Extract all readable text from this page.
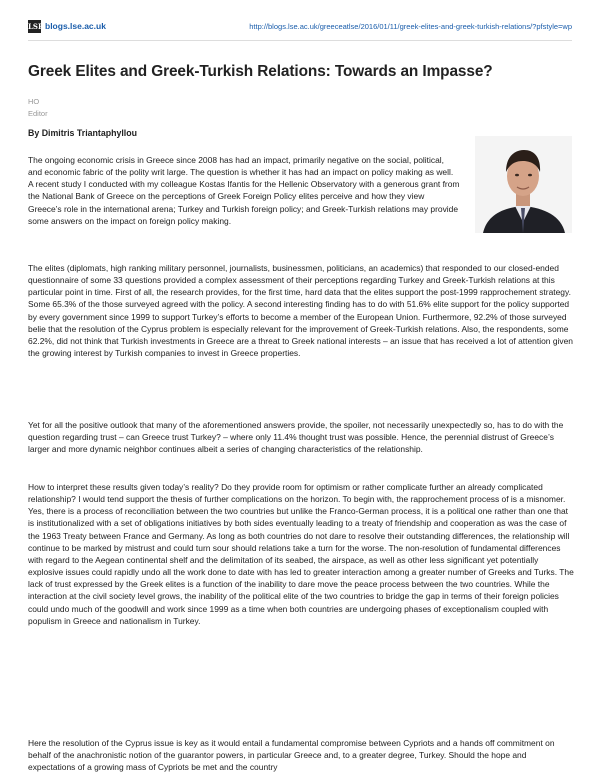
LSE blogs.lse.ac.uk	http://blogs.lse.ac.uk/greeceatlse/2016/01/11/greek-elites-and-greek-turkish-relations/?pfstyle=wp
Greek Elites and Greek-Turkish Relations: Towards an Impasse?
HO
Editor
By Dimitris Triantaphyllou

The ongoing economic crisis in Greece since 2008 has had an impact, primarily negative on the social, political, and economic fabric of the polity writ large. The question is whether it has had an impact on policy making as well. A recent study I conducted with my colleague Kostas Ifantis for the Hellenic Observatory with a generous grant from the National Bank of Greece on the perceptions of Greek Foreign Policy elites perceive and how they view Greece’s role in the international arena; Turkey and Turkish foreign policy; and Greek-Turkish relations may provide some answers on the impact on foreign policy making.

The elites (diplomats, high ranking military personnel, journalists, businessmen, politicians, an academics) that responded to our closed-ended questionnaire of some 33 questions provided a complex assessment of their perceptions regarding Turkey and Greek-Turkish relations at this particular point in time. First of all, the research provides, for the first time, hard data that the elites support the post-1999 rapprochement strategy. Some 65.3% of the those surveyed agreed with the policy. A second interesting finding has to do with 51.6% elite support for the policy supported by every government since 1999 to support Turkey’s efforts to become a member of the European Union. Furthermore, 92.2% of those surveyed belie that the resolution of the Cyprus problem is especially relevant for the improvement of Greek-Turkish relations. Also, the respondents, some 62.2%, did not think that Turkish investments in Greece are a threat to Greek national interests – an issue that has received a lot of attention given the growing interest by Turkish companies to invest in Greece properties.

Yet for all the positive outlook that many of the aforementioned answers provide, the spoiler, not necessarily unexpectedly so, has to do with the question regarding trust – can Greece trust Turkey? – where only 11.4% thought trust was possible. Hence, the perennial distrust of Greece’s larger and more dynamic neighbor continues albeit a series of changing characteristics of the relationship.

How to interpret these results given today’s reality? Do they provide room for optimism or rather complicate further an already complicated relationship? I would tend support the thesis of further complications on the horizon. To begin with, the rapprochement process of is a misnomer. Yes, there is a process of reconciliation between the two countries but unlike the Franco-German process, it is a political one rather than one that is institutionalized with a set of obligations initiatives by both sides eventually leading to a treaty of friendship and cooperation as was the case of the 1963 Treaty between France and Germany. As long as both countries do not dare to resolve their outstanding differences, the relationship will continue to be marked by mistrust and could turn sour should relations take a turn for the worse. The non-resolution of fundamental differences with regard to the Aegean continental shelf and the delimitation of its seabed, the airspace, as well as other less significant yet potentially explosive issues could rapidly undo all the work done to date with has led to greater interaction among a greater number of Greeks and Turks. The lack of trust expressed by the Greek elites is a function of the inability to dare move the peace process between the two countries. While the interaction at the civil society level grows, the inability of the political elite of the two countries to bridge the gap in terms of their foreign policies could undo much of the goodwill and work since 1999 as a time when both countries are undergoing phases of exceptionalism coupled with populism in Greece and nationalism in Turkey.

Here the resolution of the Cyprus issue is key as it would entail a fundamental compromise between Cypriots and a hands off commitment on behalf of the anachronistic notion of the guarantor powers, in particular Greece and, to a greater degree, Turkey. Should the hope and expectations of a growing mass of Cypriots be met and the country
